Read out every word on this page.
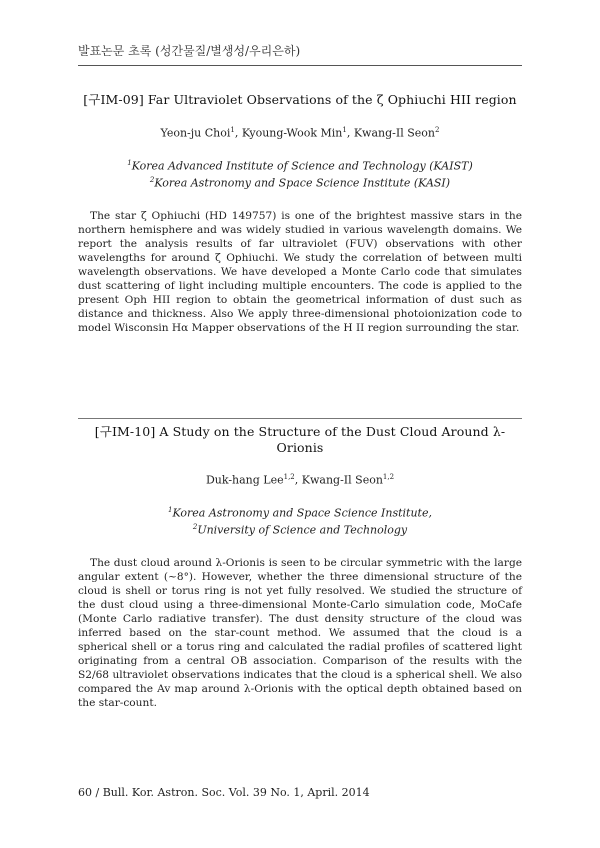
발표논문 초록 (성간물질/별생성/우리은하)
[구IM-09] Far Ultraviolet Observations of the ζ Ophiuchi HII region
Yeon-ju Choi$^1$, Kyoung-Wook Min$^1$, Kwang-Il Seon$^2$
$^1$Korea Advanced Institute of Science and Technology (KAIST)
$^2$Korea Astronomy and Space Science Institute (KASI)
The star ζ Ophiuchi (HD 149757) is one of the brightest massive stars in the northern hemisphere and was widely studied in various wavelength domains. We report the analysis results of far ultraviolet (FUV) observations with other wavelengths for around ζ Ophiuchi. We study the correlation of between multi wavelength observations. We have developed a Monte Carlo code that simulates dust scattering of light including multiple encounters. The code is applied to the present Oph HII region to obtain the geometrical information of dust such as distance and thickness. Also We apply three-dimensional photoionization code to model Wisconsin Hα Mapper observations of the H II region surrounding the star.
[구IM-10] A Study on the Structure of the Dust Cloud Around λ-Orionis
Duk-hang Lee$^{1,2}$, Kwang-Il Seon$^{1,2}$
$^1$Korea Astronomy and Space Science Institute,
$^2$University of Science and Technology
The dust cloud around λ-Orionis is seen to be circular symmetric with the large angular extent (~8°). However, whether the three dimensional structure of the cloud is shell or torus ring is not yet fully resolved. We studied the structure of the dust cloud using a three-dimensional Monte-Carlo simulation code, MoCafe (Monte Carlo radiative transfer). The dust density structure of the cloud was inferred based on the star-count method. We assumed that the cloud is a spherical shell or a torus ring and calculated the radial profiles of scattered light originating from a central OB association. Comparison of the results with the S2/68 ultraviolet observations indicates that the cloud is a spherical shell. We also compared the Av map around λ-Orionis with the optical depth obtained based on the star-count.
60 / Bull. Kor. Astron. Soc. Vol. 39 No. 1, April. 2014
